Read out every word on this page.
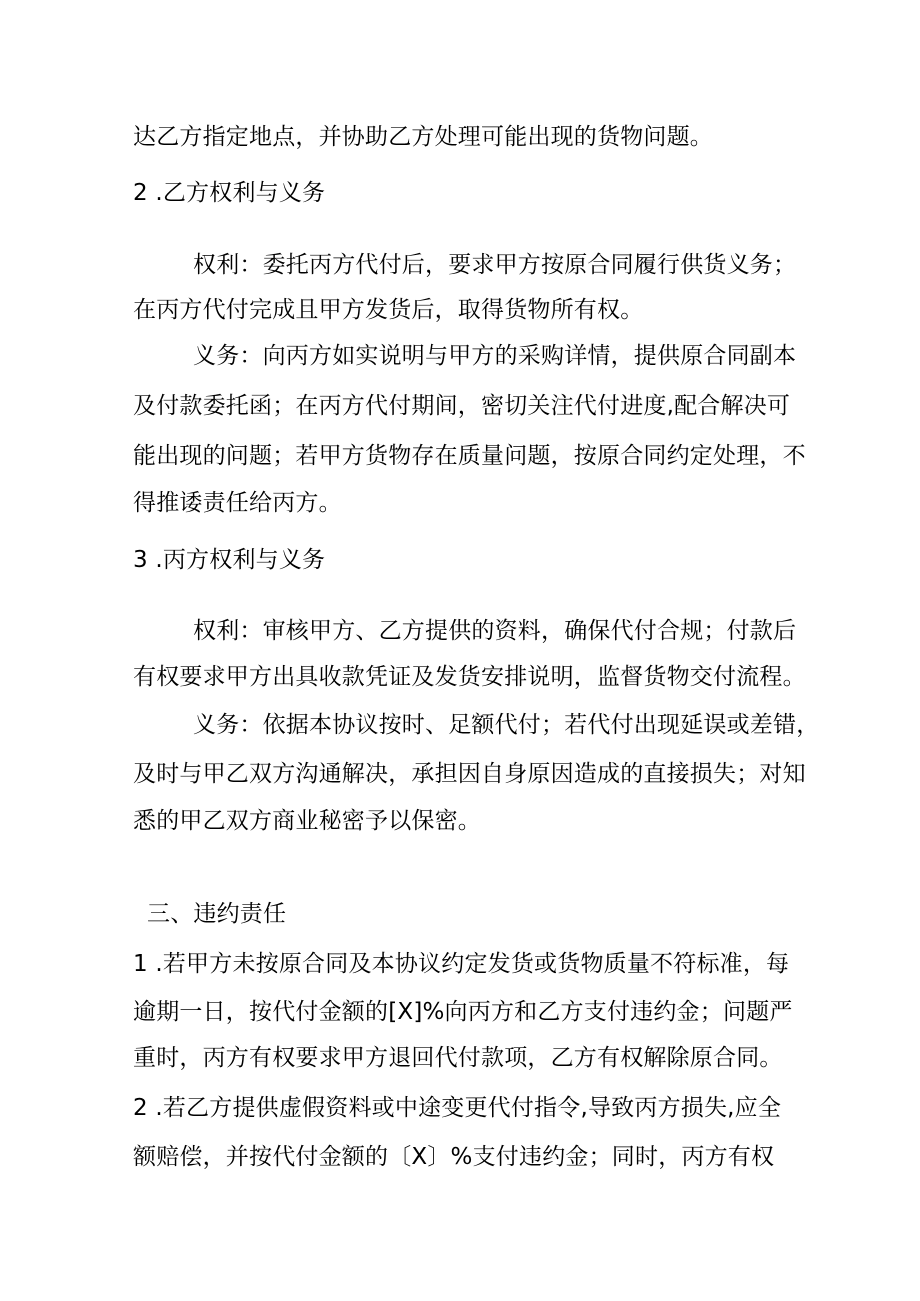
达乙方指定地点，并协助乙方处理可能出现的货物问题。
2 .乙方权利与义务
权利：委托丙方代付后，要求甲方按原合同履行供货义务；
在丙方代付完成且甲方发货后，取得货物所有权。
义务：向丙方如实说明与甲方的采购详情，提供原合同副本
及付款委托函；在丙方代付期间，密切关注代付进度,配合解决可
能出现的问题；若甲方货物存在质量问题，按原合同约定处理，不
得推诿责任给丙方。
3 .丙方权利与义务
权利：审核甲方、乙方提供的资料，确保代付合规；付款后
有权要求甲方出具收款凭证及发货安排说明，监督货物交付流程。
义务：依据本协议按时、足额代付；若代付出现延误或差错，
及时与甲乙双方沟通解决，承担因自身原因造成的直接损失；对知
悉的甲乙双方商业秘密予以保密。
三、违约责任
1 .若甲方未按原合同及本协议约定发货或货物质量不符标准，每
逾期一日，按代付金额的[X]%向丙方和乙方支付违约金；问题严
重时，丙方有权要求甲方退回代付款项，乙方有权解除原合同。
2 .若乙方提供虚假资料或中途变更代付指令,导致丙方损失,应全
额赔偿，并按代付金额的〔X〕%支付违约金；同时，丙方有权
